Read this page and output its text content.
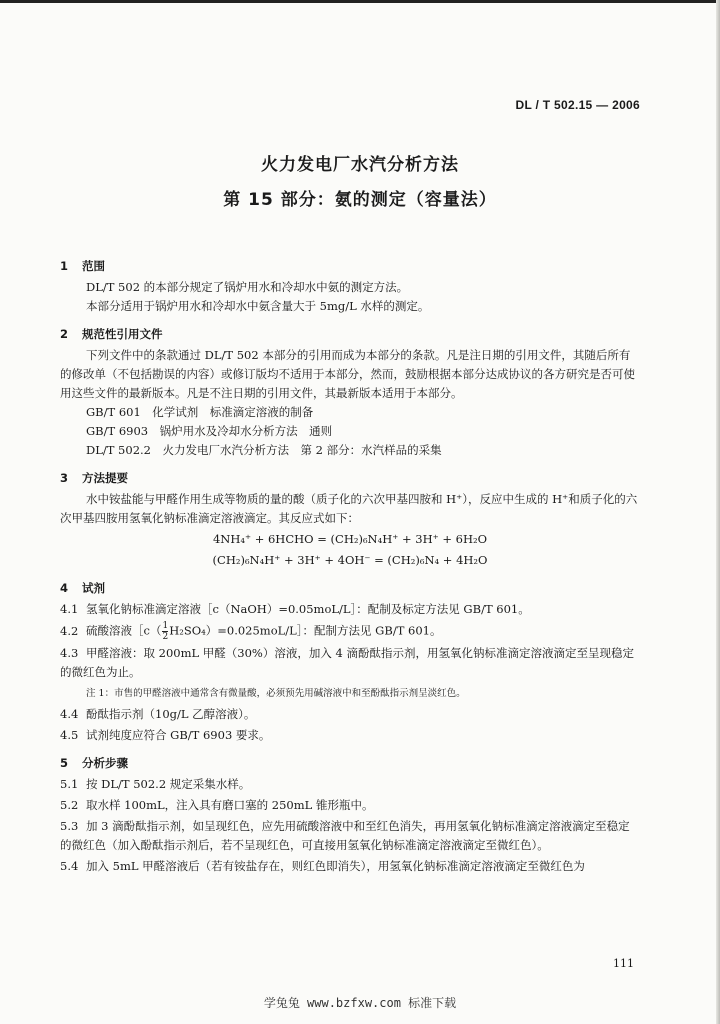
DL / T 502.15 — 2006
火力发电厂水汽分析方法
第 15 部分：氨的测定（容量法）
1 范围

DL/T 502 的本部分规定了锅炉用水和冷却水中氨的测定方法。

本部分适用于锅炉用水和冷却水中氨含量大于 5mg/L 水样的测定。

2 规范性引用文件

下列文件中的条款通过 DL/T 502 本部分的引用而成为本部分的条款。凡是注日期的引用文件，其随后所有的修改单（不包括勘误的内容）或修订版均不适用于本部分，然而，鼓励根据本部分达成协议的各方研究是否可使用这些文件的最新版本。凡是不注日期的引用文件，其最新版本适用于本部分。

GB/T 601　化学试剂　标准滴定溶液的制备

GB/T 6903　锅炉用水及冷却水分析方法　通则

DL/T 502.2　火力发电厂水汽分析方法　第 2 部分：水汽样品的采集

3 方法提要

水中铵盐能与甲醛作用生成等物质的量的酸（质子化的六次甲基四胺和 H⁺），反应中生成的 H⁺和质子化的六次甲基四胺用氢氧化钠标准滴定溶液滴定。其反应式如下：

4NH₄⁺ + 6HCHO = (CH₂)₆N₄H⁺ + 3H⁺ + 6H₂O
(CH₂)₆N₄H⁺ + 3H⁺ + 4OH⁻ = (CH₂)₆N₄ + 4H₂O
4 试剂

4.1 氢氧化钠标准滴定溶液［c（NaOH）=0.05moL/L］：配制及标定方法见 GB/T 601。

4.2 硫酸溶液［c（ $\frac{1}{2}$ H₂SO₄）=0.025moL/L］：配制方法见 GB/T 601。

4.3 甲醛溶液：取 200mL 甲醛（30%）溶液，加入 4 滴酚酞指示剂，用氢氧化钠标准滴定溶液滴定至呈现稳定的微红色为止。

注 1：市售的甲醛溶液中通常含有微量酸，必须预先用碱溶液中和至酚酞指示剂呈淡红色。

4.4 酚酞指示剂（10g/L 乙醇溶液）。

4.5 试剂纯度应符合 GB/T 6903 要求。

5 分析步骤

5.1 按 DL/T 502.2 规定采集水样。

5.2 取水样 100mL，注入具有磨口塞的 250mL 锥形瓶中。

5.3 加 3 滴酚酞指示剂，如呈现红色，应先用硫酸溶液中和至红色消失，再用氢氧化钠标准滴定溶液滴定至稳定的微红色（加入酚酞指示剂后，若不呈现红色，可直接用氢氧化钠标准滴定溶液滴定至微红色）。

5.4 加入 5mL 甲醛溶液后（若有铵盐存在，则红色即消失），用氢氧化钠标准滴定溶液滴定至微红色为

111
学兔兔 www.bzfxw.com 标准下载
